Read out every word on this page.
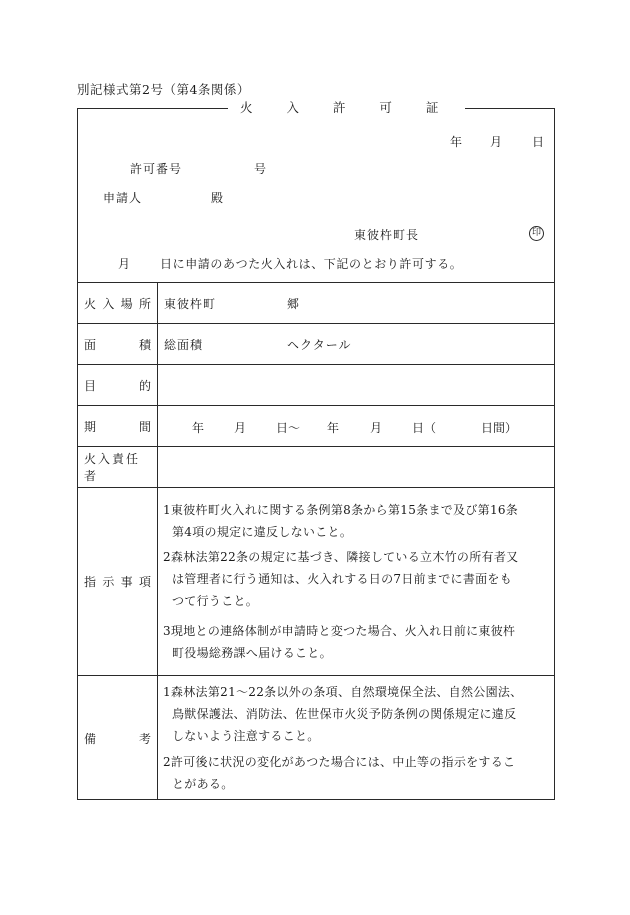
別記様式第2号（第4条関係）
火 入 許 可 証
年 月 日
許可番号	号
申請人	殿
東彼杵町長	印
月 日に申請のあつた火入れは、下記のとおり許可する。
火 入 場 所 東彼杵町	郷
面	積 総面積	ヘクタール
目	的
期	間	年 月 日〜 年	月 日（	日間）
火入責任者
指 示 事 項
1東彼杵町火入れに関する条例第8条から第15条まで及び第16条
第4項の規定に違反しないこと。
2森林法第22条の規定に基づき、隣接している立木竹の所有者又
は管理者に行う通知は、火入れする日の7日前までに書面をも
つて行うこと。
3現地との連絡体制が申請時と変つた場合、火入れ日前に東彼杵
町役場総務課へ届けること。
備	考
1森林法第21〜22条以外の条項、自然環境保全法、自然公園法、
鳥獣保護法、消防法、佐世保市火災予防条例の関係規定に違反
しないよう注意すること。
2許可後に状況の変化があつた場合には、中止等の指示をするこ
とがある。
